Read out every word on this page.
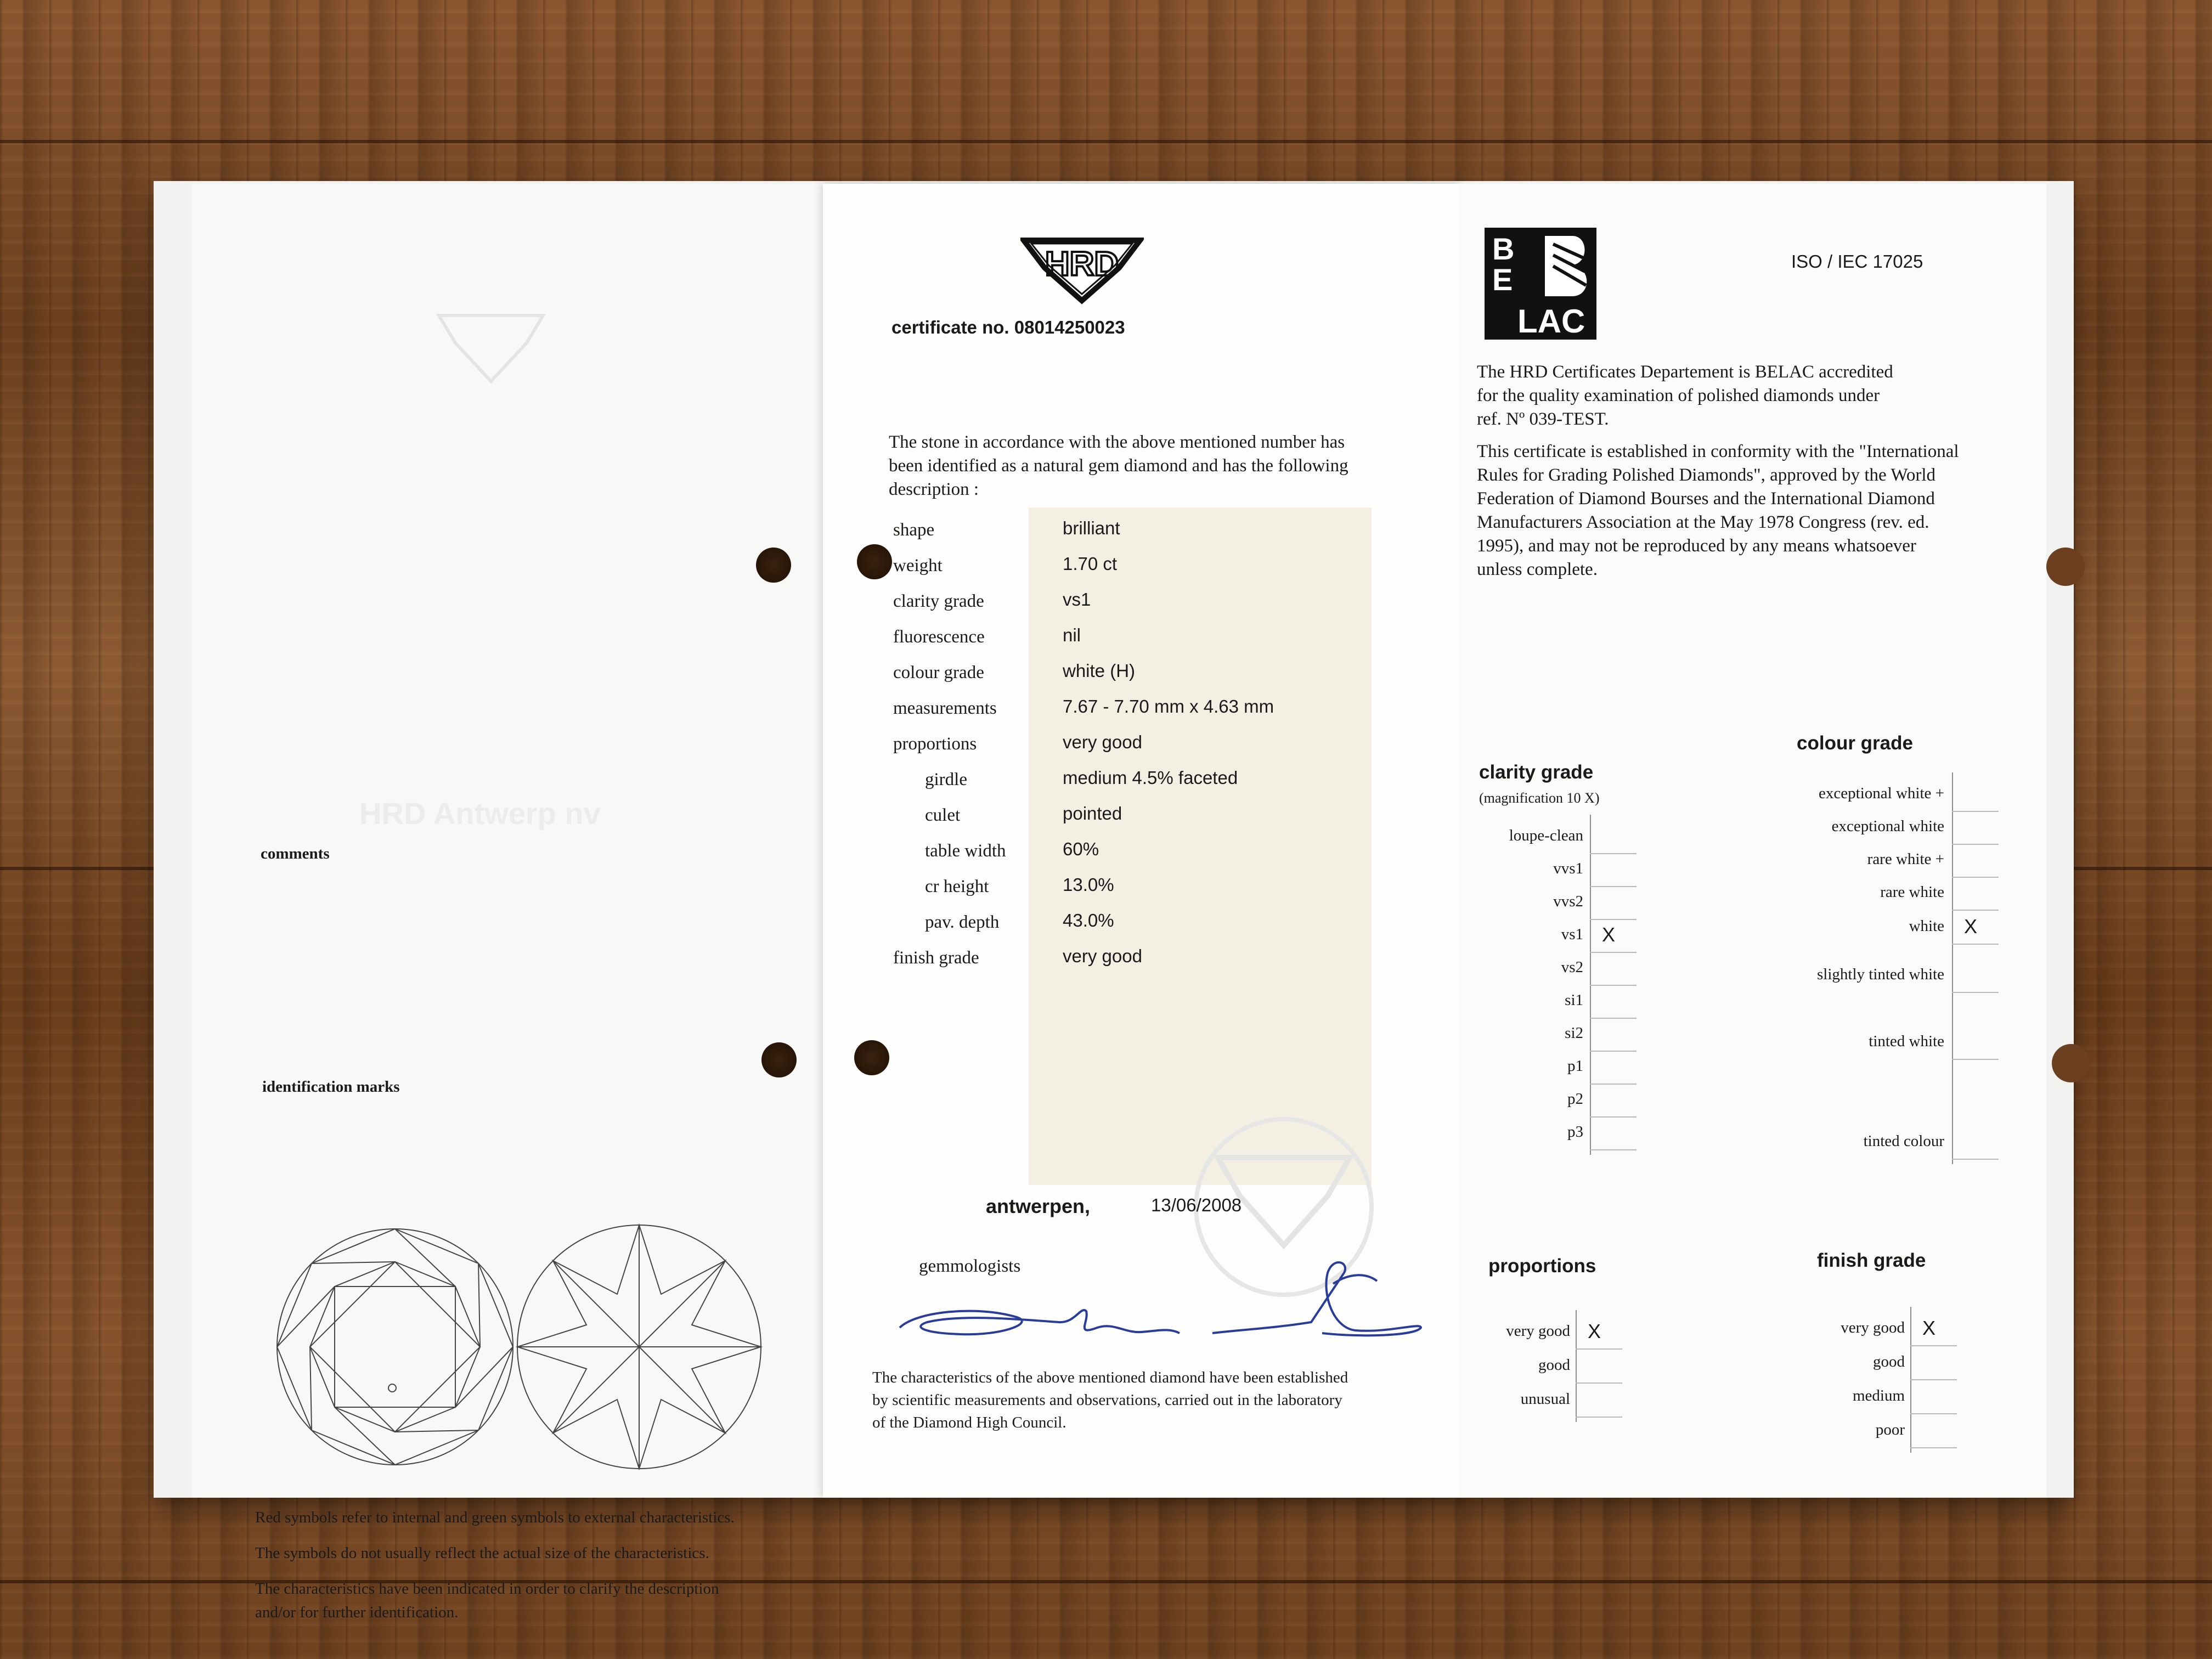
HRD Antwerp nv
comments
identification marks
Red symbols refer to internal and green symbols to external characteristics.
The symbols do not usually reflect the actual size of the characteristics.
The characteristics have been indicated in order to clarify the description
and/or for further identification.
HRD
certificate no. 08014250023
The stone in accordance with the above mentioned number has
been identified as a natural gem diamond and has the following
description :
shape	brilliant
weight	1.70 ct
clarity grade	vs1
fluorescence	nil
colour grade	white (H)
measurements	7.67 - 7.70 mm x 4.63 mm
proportions	very good
girdle	medium 4.5% faceted
culet	pointed
table width	60%
cr height	13.0%
pav. depth	43.0%
finish grade	very good
antwerpen,	13/06/2008
gemmologists
The characteristics of the above mentioned diamond have been established
by scientific measurements and observations, carried out in the laboratory
of the Diamond High Council.
B
E
LAC
ISO / IEC 17025
The HRD Certificates Departement is BELAC accredited
for the quality examination of polished diamonds under
ref. Nº 039-TEST.
This certificate is established in conformity with the "International
Rules for Grading Polished Diamonds", approved by the World
Federation of Diamond Bourses and the International Diamond
Manufacturers Association at the May 1978 Congress (rev. ed.
1995), and may not be reproduced by any means whatsoever
unless complete.
clarity grade
(magnification 10 X)
colour grade
proportions	finish grade
loupe-clean
vvs1
vvs2
vs1 X
vs2
si1
si2
p1
p2
p3
exceptional white +
exceptional white
rare white +
rare white
white X
slightly tinted white
tinted white
tinted colour
very good X
good
unusual
very good X
good
medium
poor
